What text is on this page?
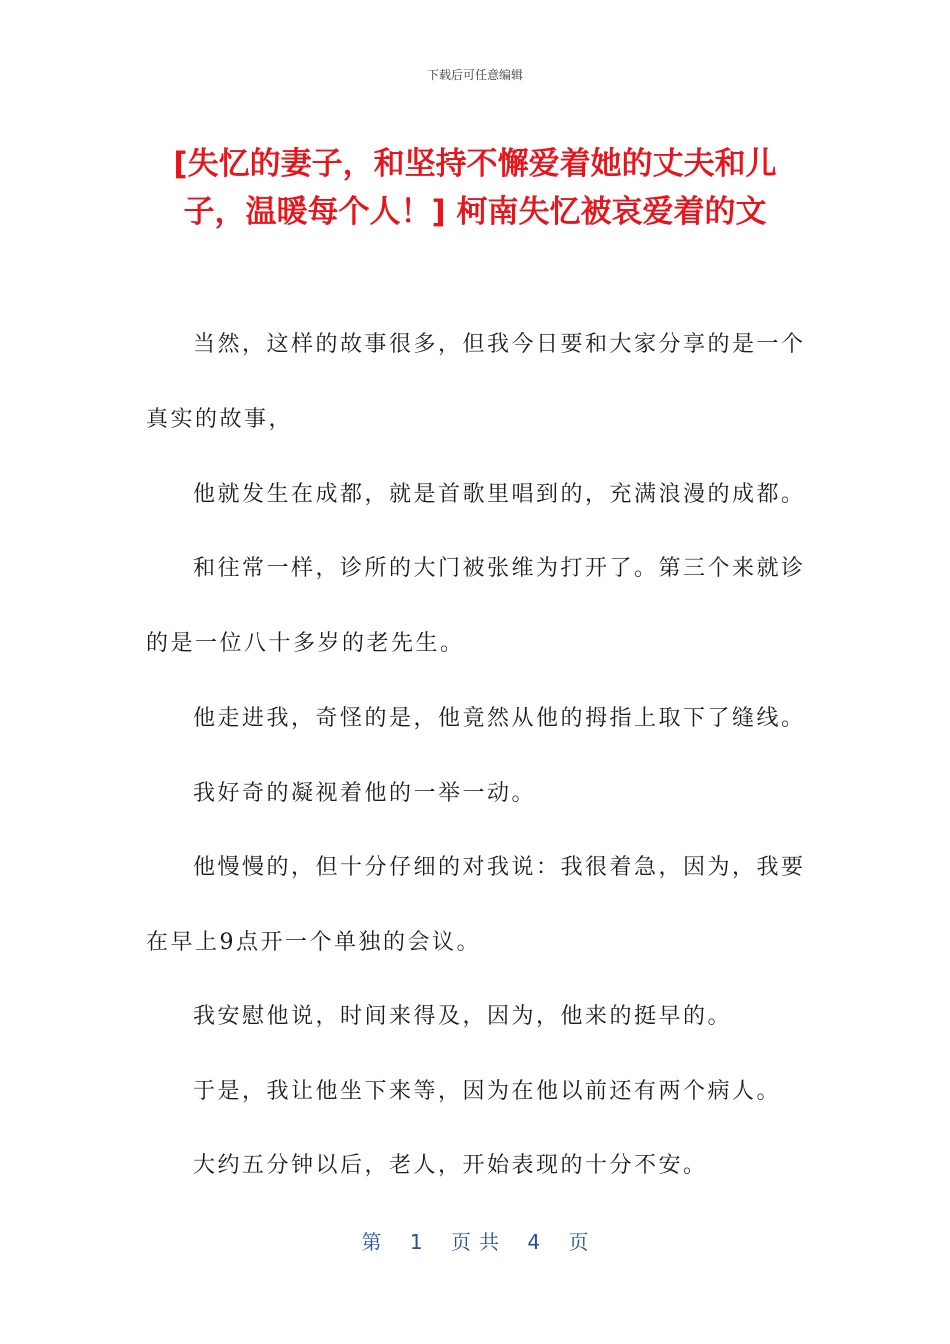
下载后可任意编辑
[失忆的妻子，和坚持不懈爱着她的丈夫和儿
子，温暖每个人！] 柯南失忆被哀爱着的文
当然，这样的故事很多，但我今日要和大家分享的是一个
真实的故事，
他就发生在成都，就是首歌里唱到的，充满浪漫的成都。
和往常一样，诊所的大门被张维为打开了。第三个来就诊
的是一位八十多岁的老先生。
他走进我，奇怪的是，他竟然从他的拇指上取下了缝线。
我好奇的凝视着他的一举一动。
他慢慢的，但十分仔细的对我说：我很着急，因为，我要
在早上9点开一个单独的会议。
我安慰他说，时间来得及，因为，他来的挺早的。
于是，我让他坐下来等，因为在他以前还有两个病人。
大约五分钟以后，老人，开始表现的十分不安。
第 1 页共 4 页
